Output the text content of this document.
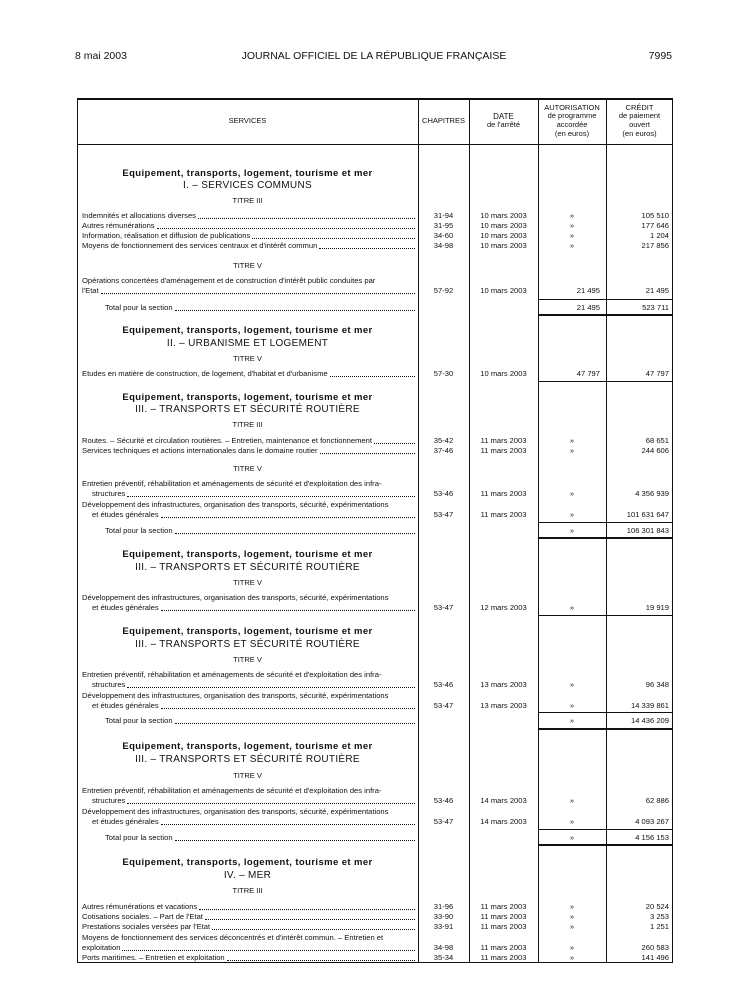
8 mai 2003	JOURNAL OFFICIEL DE LA RÉPUBLIQUE FRANÇAISE	7995
SERVICES	CHAPITRES	DATE
de l'arrêté
AUTORISATION
de programme
accordée
(en euros)
CRÉDIT
de paiement
ouvert
(en euros)
Equipement, transports, logement, tourisme et mer
I. – SERVICES COMMUNS
TITRE III
Indemnités et allocations diverses	31-94	10 mars 2003	»	105 510
Autres rémunérations	31-95	10 mars 2003	»	177 646
Information, réalisation et diffusion de publications	34-60	10 mars 2003	»	1 204
Moyens de fonctionnement des services centraux et d'intérêt commun	34-98	10 mars 2003	»	217 856
TITRE V
Opérations concertées d'aménagement et de construction d'intérêt public conduites par
l'Etat	57-92	10 mars 2003	21 495	21 495
Total pour la section	21 495	523 711
Equipement, transports, logement, tourisme et mer
II. – URBANISME ET LOGEMENT
TITRE V
Etudes en matière de construction, de logement, d'habitat et d'urbanisme	57-30	10 mars 2003	47 797	47 797
Equipement, transports, logement, tourisme et mer
III. – TRANSPORTS ET SÉCURITÉ ROUTIÈRE
TITRE III
Routes. – Sécurité et circulation routières. – Entretien, maintenance et fonctionnement	35-42	11 mars 2003	»	68 651
Services techniques et actions internationales dans le domaine routier	37-46	11 mars 2003	»	244 606
TITRE V
Entretien préventif, réhabilitation et aménagements de sécurité et d'exploitation des infra-
structures	53-46	11 mars 2003	»	4 356 939
Développement des infrastructures, organisation des transports, sécurité, expérimentations
et études générales	53-47	11 mars 2003	»	101 631 647
Total pour la section	»	106 301 843
Equipement, transports, logement, tourisme et mer
III. – TRANSPORTS ET SÉCURITÉ ROUTIÈRE
TITRE V
Développement des infrastructures, organisation des transports, sécurité, expérimentations
et études générales	53-47	12 mars 2003	»	19 919
Equipement, transports, logement, tourisme et mer
III. – TRANSPORTS ET SÉCURITÉ ROUTIÈRE
TITRE V
Entretien préventif, réhabilitation et aménagements de sécurité et d'exploitation des infra-
structures	53-46	13 mars 2003	»	96 348
Développement des infrastructures, organisation des transports, sécurité, expérimentations
et études générales	53-47	13 mars 2003	»	14 339 861
Total pour la section	»	14 436 209
Equipement, transports, logement, tourisme et mer
III. – TRANSPORTS ET SÉCURITÉ ROUTIÈRE
TITRE V
Entretien préventif, réhabilitation et aménagements de sécurité et d'exploitation des infra-
structures	53-46	14 mars 2003	»	62 886
Développement des infrastructures, organisation des transports, sécurité, expérimentations
et études générales	53-47	14 mars 2003	»	4 093 267
Total pour la section	»	4 156 153
Equipement, transports, logement, tourisme et mer
IV. – MER
TITRE III
Autres rémunérations et vacations	31-96	11 mars 2003	»	20 524
Cotisations sociales. – Part de l'Etat	33-90	11 mars 2003	»	3 253
Prestations sociales versées par l'Etat	33-91	11 mars 2003	»	1 251
Moyens de fonctionnement des services déconcentrés et d'intérêt commun. – Entretien et
exploitation	34-98	11 mars 2003	»	260 583
Ports maritimes. – Entretien et exploitation	35-34	11 mars 2003	»	141 496
